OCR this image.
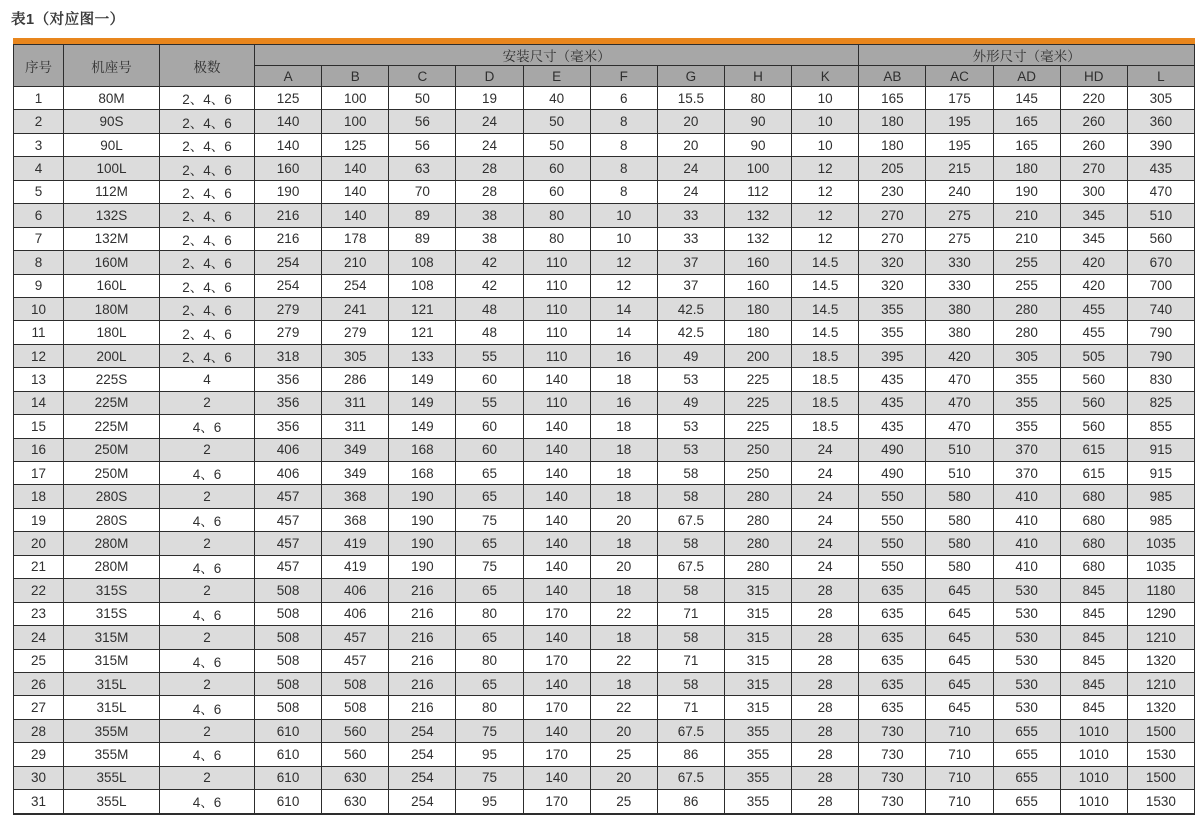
表1（对应图一）
序号	机座号	极数	安装尺寸（毫米）									外形尺寸（毫米）				
			A	B	C	D	E	F	G	H	K	AB	AC	AD	HD	L
1	80M	2、4、6	125	100	50	19	40	6	15.5	80	10	165	175	145	220	305
2	90S	2、4、6	140	100	56	24	50	8	20	90	10	180	195	165	260	360
3	90L	2、4、6	140	125	56	24	50	8	20	90	10	180	195	165	260	390
4	100L	2、4、6	160	140	63	28	60	8	24	100	12	205	215	180	270	435
5	112M	2、4、6	190	140	70	28	60	8	24	112	12	230	240	190	300	470
6	132S	2、4、6	216	140	89	38	80	10	33	132	12	270	275	210	345	510
7	132M	2、4、6	216	178	89	38	80	10	33	132	12	270	275	210	345	560
8	160M	2、4、6	254	210	108	42	110	12	37	160	14.5	320	330	255	420	670
9	160L	2、4、6	254	254	108	42	110	12	37	160	14.5	320	330	255	420	700
10	180M	2、4、6	279	241	121	48	110	14	42.5	180	14.5	355	380	280	455	740
11	180L	2、4、6	279	279	121	48	110	14	42.5	180	14.5	355	380	280	455	790
12	200L	2、4、6	318	305	133	55	110	16	49	200	18.5	395	420	305	505	790
13	225S	4	356	286	149	60	140	18	53	225	18.5	435	470	355	560	830
14	225M	2	356	311	149	55	110	16	49	225	18.5	435	470	355	560	825
15	225M	4、6	356	311	149	60	140	18	53	225	18.5	435	470	355	560	855
16	250M	2	406	349	168	60	140	18	53	250	24	490	510	370	615	915
17	250M	4、6	406	349	168	65	140	18	58	250	24	490	510	370	615	915
18	280S	2	457	368	190	65	140	18	58	280	24	550	580	410	680	985
19	280S	4、6	457	368	190	75	140	20	67.5	280	24	550	580	410	680	985
20	280M	2	457	419	190	65	140	18	58	280	24	550	580	410	680	1035
21	280M	4、6	457	419	190	75	140	20	67.5	280	24	550	580	410	680	1035
22	315S	2	508	406	216	65	140	18	58	315	28	635	645	530	845	1180
23	315S	4、6	508	406	216	80	170	22	71	315	28	635	645	530	845	1290
24	315M	2	508	457	216	65	140	18	58	315	28	635	645	530	845	1210
25	315M	4、6	508	457	216	80	170	22	71	315	28	635	645	530	845	1320
26	315L	2	508	508	216	65	140	18	58	315	28	635	645	530	845	1210
27	315L	4、6	508	508	216	80	170	22	71	315	28	635	645	530	845	1320
28	355M	2	610	560	254	75	140	20	67.5	355	28	730	710	655	1010	1500
29	355M	4、6	610	560	254	95	170	25	86	355	28	730	710	655	1010	1530
30	355L	2	610	630	254	75	140	20	67.5	355	28	730	710	655	1010	1500
31	355L	4、6	610	630	254	95	170	25	86	355	28	730	710	655	1010	1530
